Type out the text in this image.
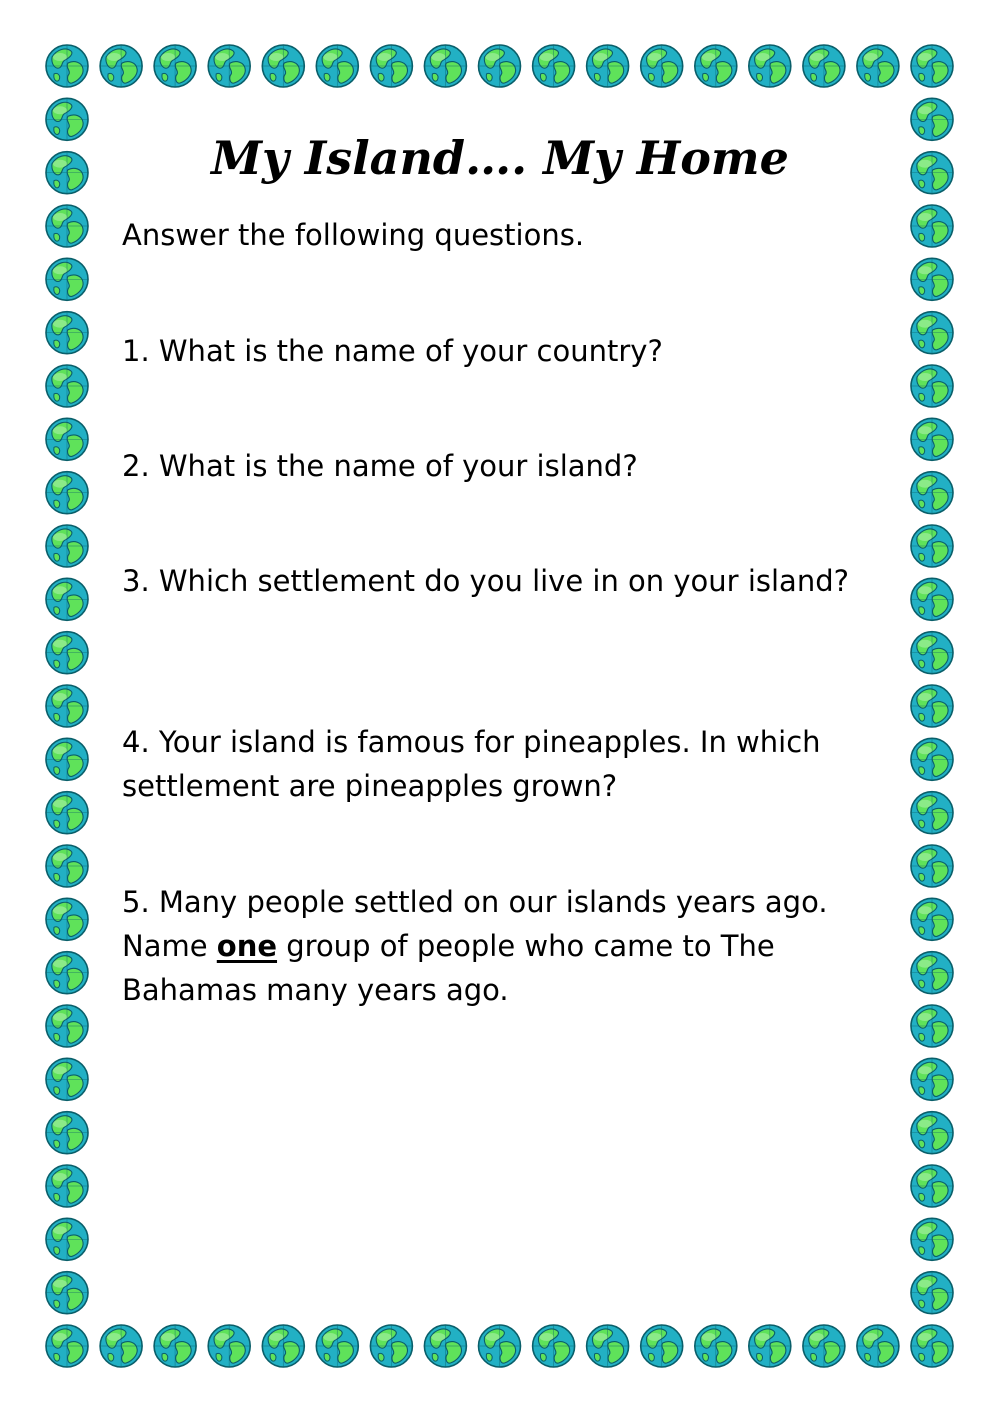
My Island…. My Home

Answer the following questions.

1. What is the name of your country?

2. What is the name of your island?

3. Which settlement do you live in on your island?

4. Your island is famous for pineapples. In which settlement are pineapples grown?

5. Many people settled on our islands years ago. Name one group of people who came to The Bahamas many years ago.
